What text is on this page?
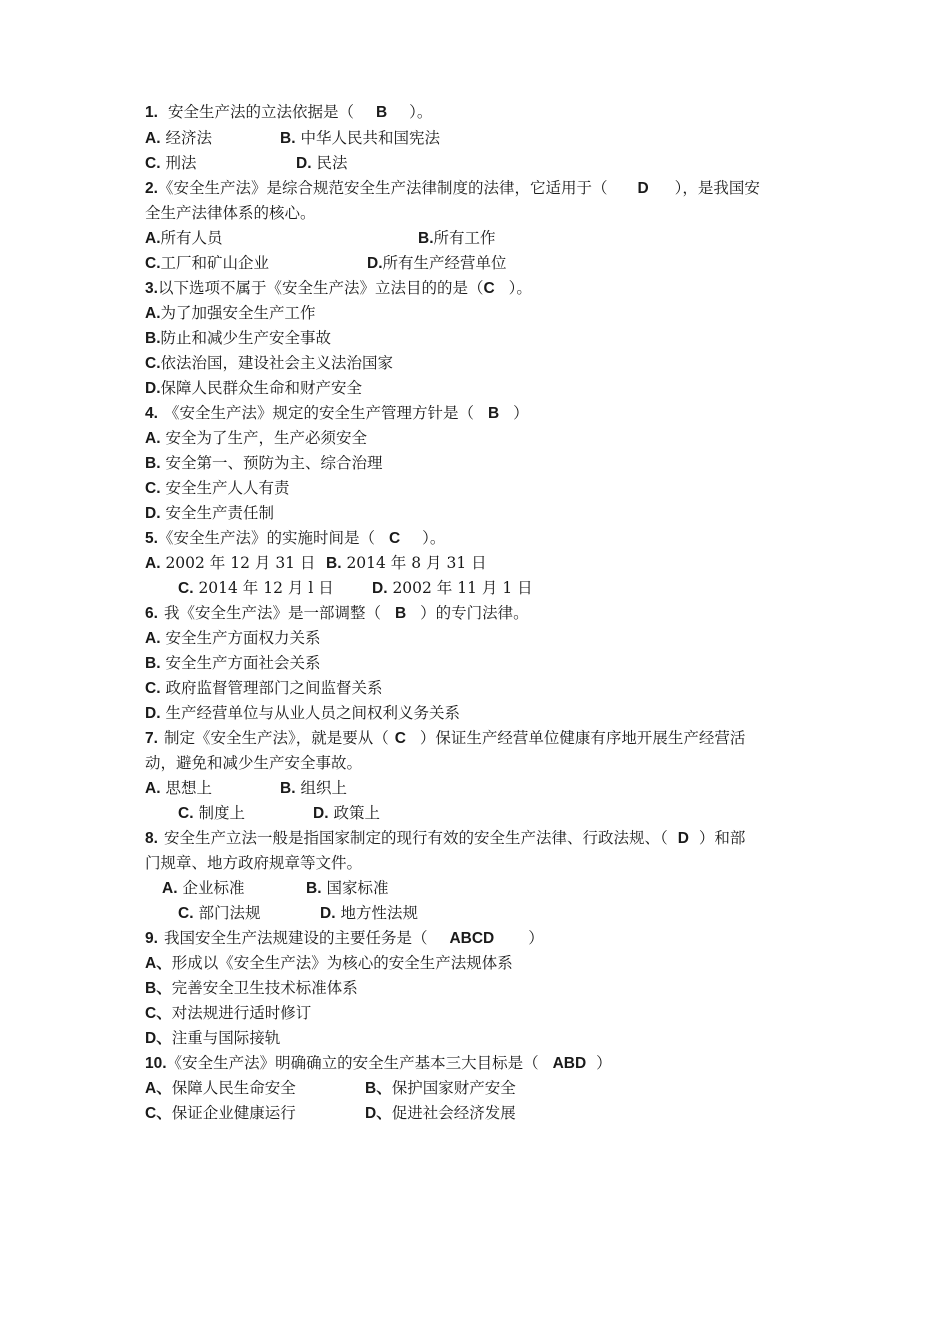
1. 安全生产法的立法依据是（ B ）。
A. 经济法	B. 中华人民共和国宪法
C. 刑法	D. 民法
2.《安全生产法》是综合规范安全生产法律制度的法律，它适用于（ D ），是我国安
全生产法律体系的核心。
A.所有人员	B.所有工作
C.工厂和矿山企业	D.所有生产经营单位
3.以下选项不属于《安全生产法》立法目的的是（C ）。
A.为了加强安全生产工作
B.防止和减少生产安全事故
C.依法治国，建设社会主义法治国家
D.保障人民群众生命和财产安全
4. 《安全生产法》规定的安全生产管理方针是（ B ）
A. 安全为了生产，生产必须安全
B. 安全第一、预防为主、综合治理
C. 安全生产人人有责
D. 安全生产责任制
5.《安全生产法》的实施时间是（ C ）。
A. 2002 年 12 月 31 日 B. 2014 年 8 月 31 日
C. 2014 年 12 月 l 日 D. 2002 年 11 月 1 日
6. 我《安全生产法》是一部调整（ B ）的专门法律。
A. 安全生产方面权力关系
B. 安全生产方面社会关系
C. 政府监督管理部门之间监督关系
D. 生产经营单位与从业人员之间权利义务关系
7. 制定《安全生产法》，就是要从（ C ）保证生产经营单位健康有序地开展生产经营活
动，避免和减少生产安全事故。
A. 思想上	B. 组织上
C. 制度上	D. 政策上
8. 安全生产立法一般是指国家制定的现行有效的安全生产法律、行政法规、（ D ）和部
门规章、地方政府规章等文件。
A. 企业标准	B. 国家标准
C. 部门法规	D. 地方性法规
9. 我国安全生产法规建设的主要任务是（ ABCD ）
A、形成以《安全生产法》为核心的安全生产法规体系
B、完善安全卫生技术标准体系
C、对法规进行适时修订
D、注重与国际接轨
10.《安全生产法》明确确立的安全生产基本三大目标是（ ABD ）
A、保障人民生命安全	B、保护国家财产安全
C、保证企业健康运行	D、促进社会经济发展
